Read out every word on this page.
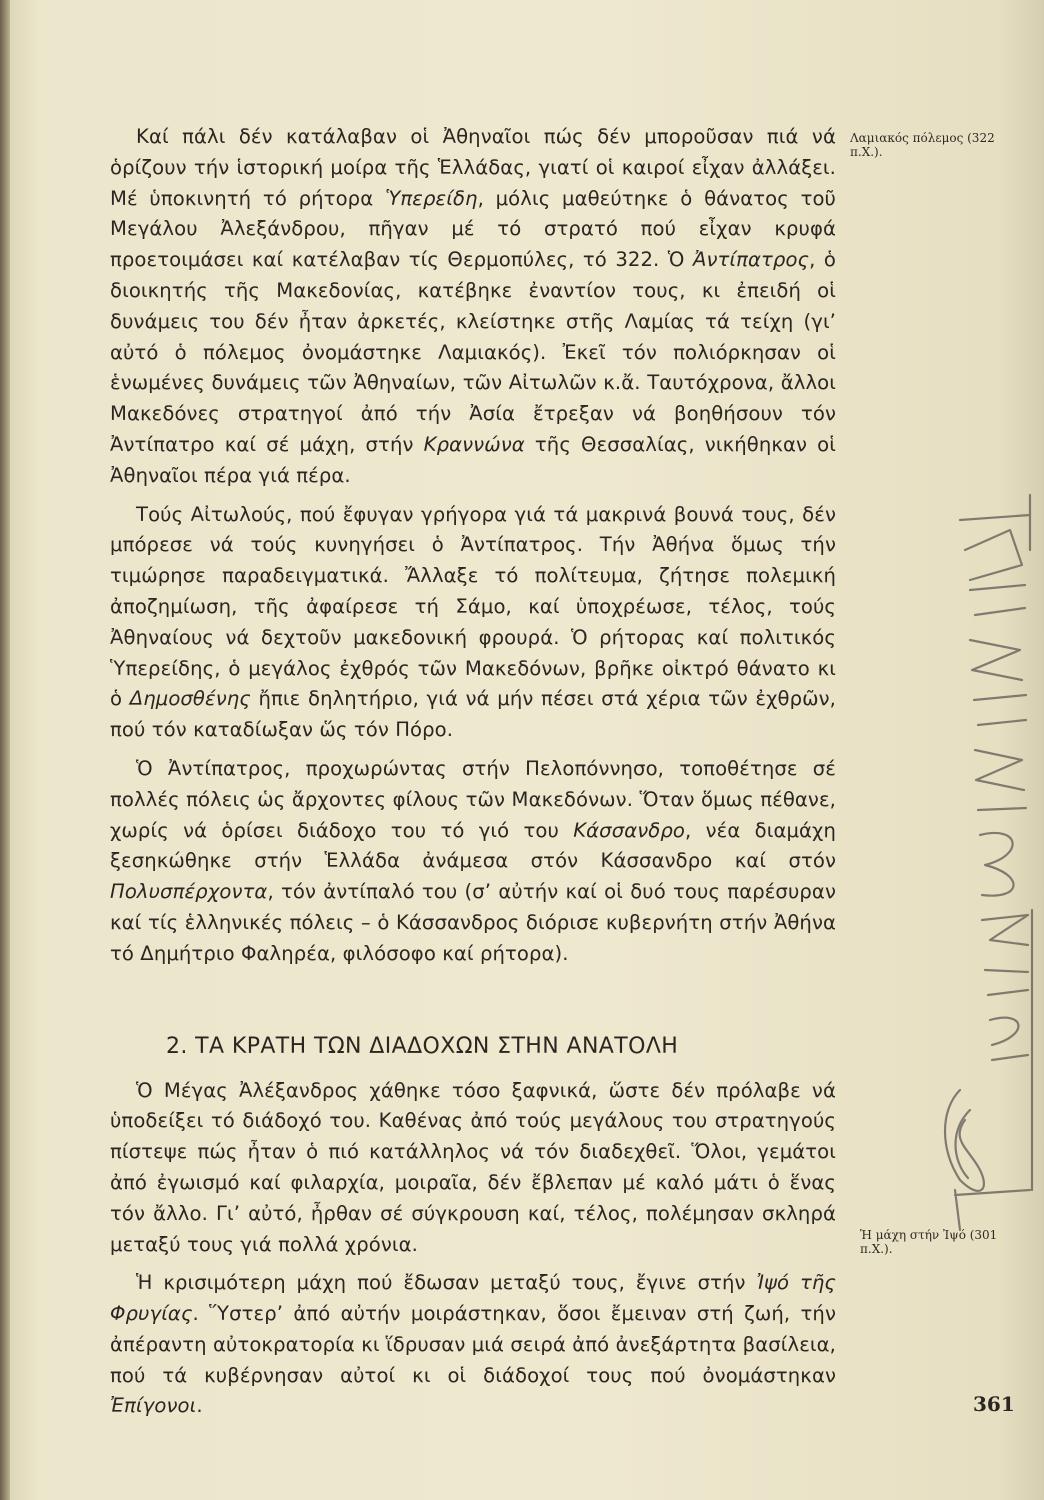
Καί πάλι δέν κατάλαβαν οἱ Ἀθηναῖοι πώς δέν μποροῦσαν πιά νά ὁρίζουν τήν ἱστορική μοίρα τῆς Ἑλλάδας, γιατί οἱ καιροί εἶχαν ἀλλάξει. Μέ ὑποκινητή τό ρήτορα Ὑπερείδη, μόλις μαθεύτηκε ὁ θάνατος τοῦ Μεγάλου Ἀλεξάνδρου, πῆγαν μέ τό στρατό πού εἶχαν κρυφά προετοιμάσει καί κατέλαβαν τίς Θερμοπύλες, τό 322. Ὁ Ἀντίπατρος, ὁ διοικητής τῆς Μακεδονίας, κατέβηκε ἐναντίον τους, κι ἐπειδή οἱ δυνάμεις του δέν ἦταν ἀρκετές, κλείστηκε στῆς Λαμίας τά τείχη (γι’ αὐτό ὁ πόλεμος ὀνομάστηκε Λαμιακός). Ἐκεῖ τόν πολιόρκησαν οἱ ἑνωμένες δυνάμεις τῶν Ἀθηναίων, τῶν Αἰτωλῶν κ.ἄ. Ταυτόχρονα, ἄλλοι Μακεδόνες στρατηγοί ἀπό τήν Ἀσία ἔτρεξαν νά βοηθήσουν τόν Ἀντίπατρο καί σέ μάχη, στήν Κραννώνα τῆς Θεσσαλίας, νικήθηκαν οἱ Ἀθηναῖοι πέρα γιά πέρα.

Τούς Αἰτωλούς, πού ἔφυγαν γρήγορα γιά τά μακρινά βουνά τους, δέν μπόρεσε νά τούς κυνηγήσει ὁ Ἀντίπατρος. Τήν Ἀθήνα ὅμως τήν τιμώρησε παραδειγματικά. Ἄλλαξε τό πολίτευμα, ζήτησε πολεμική ἀποζημίωση, τῆς ἀφαίρεσε τή Σάμο, καί ὑποχρέωσε, τέλος, τούς Ἀθηναίους νά δεχτοῦν μακεδονική φρουρά. Ὁ ρήτορας καί πολιτικός Ὑπερείδης, ὁ μεγάλος ἐχθρός τῶν Μακεδόνων, βρῆκε οἰκτρό θάνατο κι ὁ Δημοσθένης ἤπιε δηλητήριο, γιά νά μήν πέσει στά χέρια τῶν ἐχθρῶν, πού τόν καταδίωξαν ὥς τόν Πόρο.

Ὁ Ἀντίπατρος, προχωρώντας στήν Πελοπόννησο, τοποθέτησε σέ πολλές πόλεις ὡς ἄρχοντες φίλους τῶν Μακεδόνων. Ὅταν ὅμως πέθανε, χωρίς νά ὁρίσει διάδοχο του τό γιό του Κάσσανδρο, νέα διαμάχη ξεσηκώθηκε στήν Ἑλλάδα ἀνάμεσα στόν Κάσσανδρο καί στόν Πολυσπέρχοντα, τόν ἀντίπαλό του (σ’ αὐτήν καί οἱ δυό τους παρέσυραν καί τίς ἑλληνικές πόλεις – ὁ Κάσσανδρος διόρισε κυβερνήτη στήν Ἀθήνα τό Δημήτριο Φαληρέα, φιλόσοφο καί ρήτορα).

2. ΤΑ ΚΡΑΤΗ ΤΩΝ ΔΙΑΔΟΧΩΝ ΣΤΗΝ ΑΝΑΤΟΛΗ

Ὁ Μέγας Ἀλέξανδρος χάθηκε τόσο ξαφνικά, ὥστε δέν πρόλαβε νά ὑποδείξει τό διάδοχό του. Καθένας ἀπό τούς μεγάλους του στρατηγούς πίστεψε πώς ἦταν ὁ πιό κατάλληλος νά τόν διαδεχθεῖ. Ὅλοι, γεμάτοι ἀπό ἐγωισμό καί φιλαρχία, μοιραῖα, δέν ἔβλεπαν μέ καλό μάτι ὁ ἕνας τόν ἄλλο. Γι’ αὐτό, ἦρθαν σέ σύγκρουση καί, τέλος, πολέμησαν σκληρά μεταξύ τους γιά πολλά χρόνια.

Ἡ κρισιμότερη μάχη πού ἔδωσαν μεταξύ τους, ἔγινε στήν Ἰψό τῆς Φρυγίας. Ὕστερ’ ἀπό αὐτήν μοιράστηκαν, ὅσοι ἔμειναν στή ζωή, τήν ἀπέραντη αὐτοκρατορία κι ἵδρυσαν μιά σειρά ἀπό ἀνεξάρτητα βασίλεια, πού τά κυβέρνησαν αὐτοί κι οἱ διάδοχοί τους πού ὀνομάστηκαν Ἐπίγονοι.

Λαμιακός πόλεμος (322 π.Χ.).
Ἡ μάχη στήν Ἰψό (301 π.Χ.).
361
